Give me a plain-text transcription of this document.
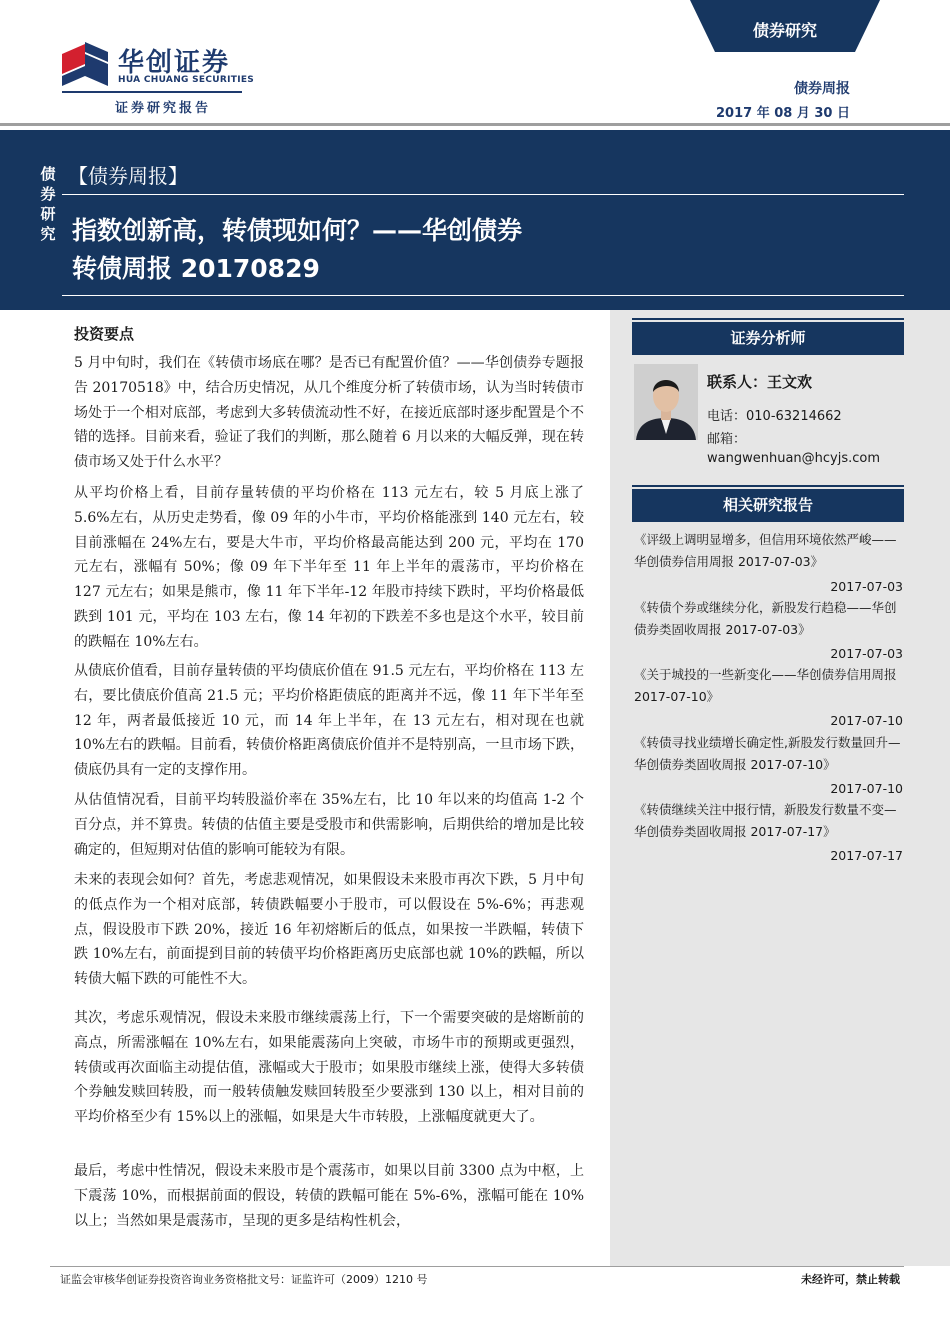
华创证券
HUA CHUANG SECURITIES
证券研究报告
债券研究
债券周报
2017 年 08 月 30 日
债
券
研
究
【债券周报】
指数创新高，转债现如何？——华创债券
转债周报 20170829
证券分析师
联系人：王文欢
电话：010-63214662
邮箱：
wangwenhuan@hcyjs.com
相关研究报告
《评级上调明显增多，但信用环境依然严峻——华创债券信用周报 2017-07-03》
2017-07-03
《转债个券或继续分化，新股发行趋稳——华创债券类固收周报 2017-07-03》
2017-07-03
《关于城投的一些新变化——华创债券信用周报 2017-07-10》
2017-07-10
《转债寻找业绩增长确定性,新股发行数量回升—华创债券类固收周报 2017-07-10》
2017-07-10
《转债继续关注中报行情，新股发行数量不变—华创债券类固收周报 2017-07-17》
2017-07-17
投资要点
5 月中旬时，我们在《转债市场底在哪？是否已有配置价值？——华创债券专题报告 20170518》中，结合历史情况，从几个维度分析了转债市场，认为当时转债市场处于一个相对底部，考虑到大多转债流动性不好，在接近底部时逐步配置是个不错的选择。目前来看，验证了我们的判断，那么随着 6 月以来的大幅反弹，现在转债市场又处于什么水平？
从平均价格上看，目前存量转债的平均价格在 113 元左右，较 5 月底上涨了 5.6%左右，从历史走势看，像 09 年的小牛市，平均价格能涨到 140 元左右，较目前涨幅在 24%左右，要是大牛市，平均价格最高能达到 200 元，平均在 170 元左右，涨幅有 50%；像 09 年下半年至 11 年上半年的震荡市，平均价格在 127 元左右；如果是熊市，像 11 年下半年-12 年股市持续下跌时，平均价格最低跌到 101 元，平均在 103 左右，像 14 年初的下跌差不多也是这个水平，较目前的跌幅在 10%左右。
从债底价值看，目前存量转债的平均债底价值在 91.5 元左右，平均价格在 113 左右，要比债底价值高 21.5 元；平均价格距债底的距离并不远，像 11 年下半年至 12 年，两者最低接近 10 元，而 14 年上半年，在 13 元左右，相对现在也就 10%左右的跌幅。目前看，转债价格距离债底价值并不是特别高，一旦市场下跌，债底仍具有一定的支撑作用。
从估值情况看，目前平均转股溢价率在 35%左右，比 10 年以来的均值高 1-2 个百分点，并不算贵。转债的估值主要是受股市和供需影响，后期供给的增加是比较确定的，但短期对估值的影响可能较为有限。
未来的表现会如何？首先，考虑悲观情况，如果假设未来股市再次下跌，5 月中旬的低点作为一个相对底部，转债跌幅要小于股市，可以假设在 5%-6%；再悲观点，假设股市下跌 20%，接近 16 年初熔断后的低点，如果按一半跌幅，转债下跌 10%左右，前面提到目前的转债平均价格距离历史底部也就 10%的跌幅，所以转债大幅下跌的可能性不大。
其次，考虑乐观情况，假设未来股市继续震荡上行，下一个需要突破的是熔断前的高点，所需涨幅在 10%左右，如果能震荡向上突破，市场牛市的预期或更强烈，转债或再次面临主动提估值，涨幅或大于股市；如果股市继续上涨，使得大多转债个券触发赎回转股，而一般转债触发赎回转股至少要涨到 130 以上，相对目前的平均价格至少有 15%以上的涨幅，如果是大牛市转股，上涨幅度就更大了。
最后，考虑中性情况，假设未来股市是个震荡市，如果以目前 3300 点为中枢，上下震荡 10%，而根据前面的假设，转债的跌幅可能在 5%-6%，涨幅可能在 10%以上；当然如果是震荡市，呈现的更多是结构性机会，
证监会审核华创证券投资咨询业务资格批文号：证监许可（2009）1210 号	未经许可，禁止转载
